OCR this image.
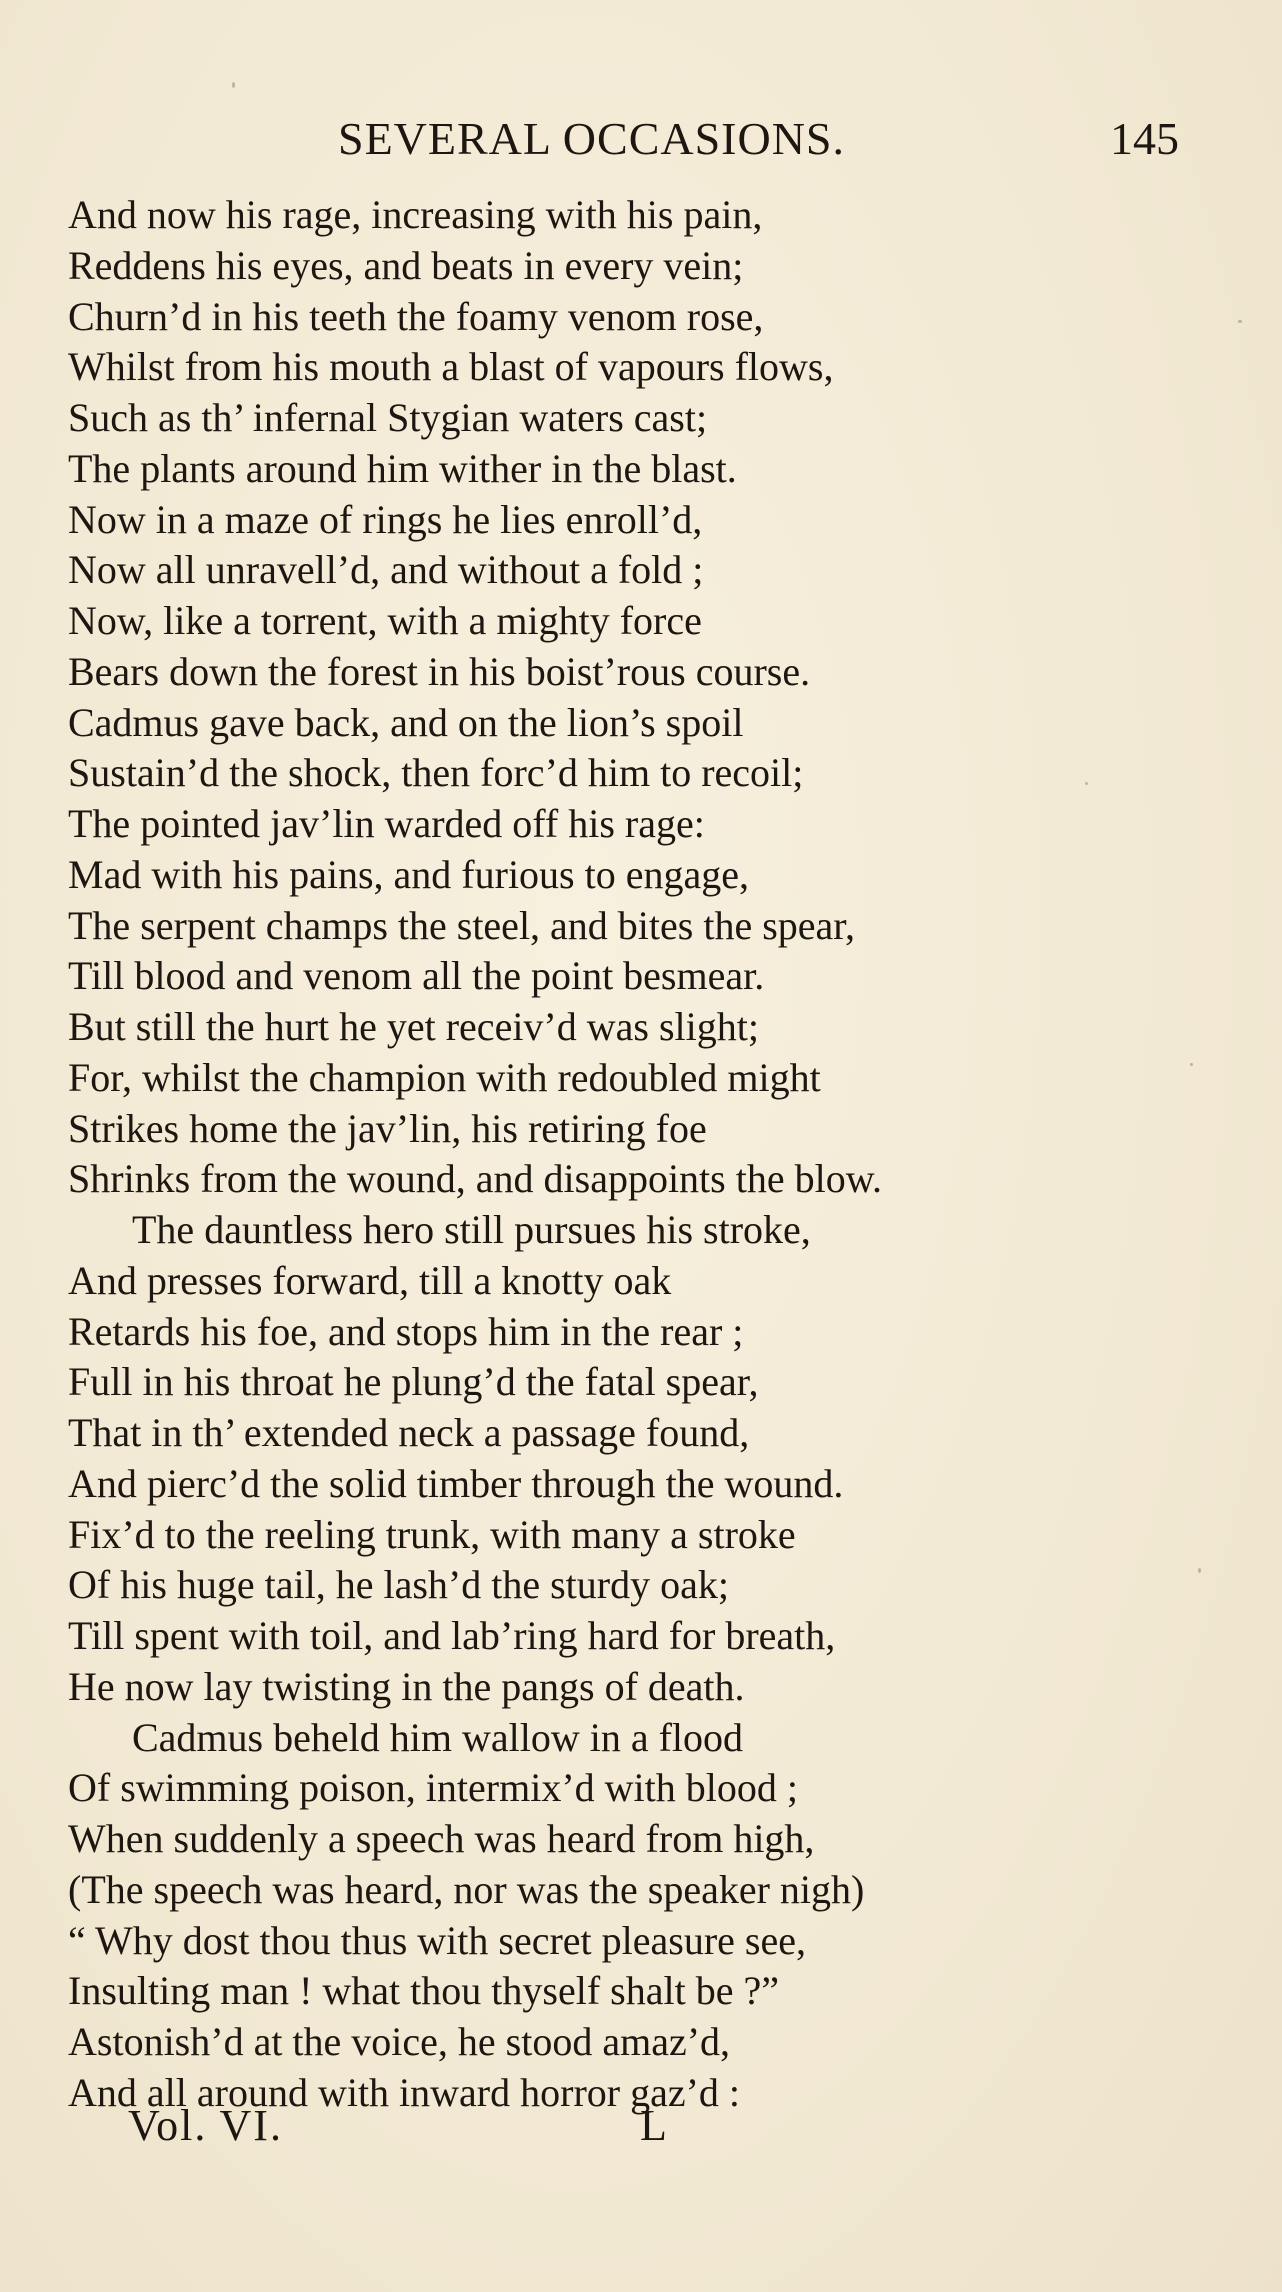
SEVERAL OCCASIONS.	145
And now his rage, increasing with his pain,
Reddens his eyes, and beats in every vein;
Churn’d in his teeth the foamy venom rose,
Whilst from his mouth a blast of vapours flows,
Such as th’ infernal Stygian waters cast;
The plants around him wither in the blast.
Now in a maze of rings he lies enroll’d,
Now all unravell’d, and without a fold ;
Now, like a torrent, with a mighty force
Bears down the forest in his boist’rous course.
Cadmus gave back, and on the lion’s spoil
Sustain’d the shock, then forc’d him to recoil;
The pointed jav’lin warded off his rage:
Mad with his pains, and furious to engage,
The serpent champs the steel, and bites the spear,
Till blood and venom all the point besmear.
But still the hurt he yet receiv’d was slight;
For, whilst the champion with redoubled might
Strikes home the jav’lin, his retiring foe
Shrinks from the wound, and disappoints the blow.
The dauntless hero still pursues his stroke,
And presses forward, till a knotty oak
Retards his foe, and stops him in the rear ;
Full in his throat he plung’d the fatal spear,
That in th’ extended neck a passage found,
And pierc’d the solid timber through the wound.
Fix’d to the reeling trunk, with many a stroke
Of his huge tail, he lash’d the sturdy oak;
Till spent with toil, and lab’ring hard for breath,
He now lay twisting in the pangs of death.
Cadmus beheld him wallow in a flood
Of swimming poison, intermix’d with blood ;
When suddenly a speech was heard from high,
(The speech was heard, nor was the speaker nigh)
“ Why dost thou thus with secret pleasure see,
Insulting man ! what thou thyself shalt be ?”
Astonish’d at the voice, he stood amaz’d,
And all around with inward horror gaz’d :
Vol. VI.	L
